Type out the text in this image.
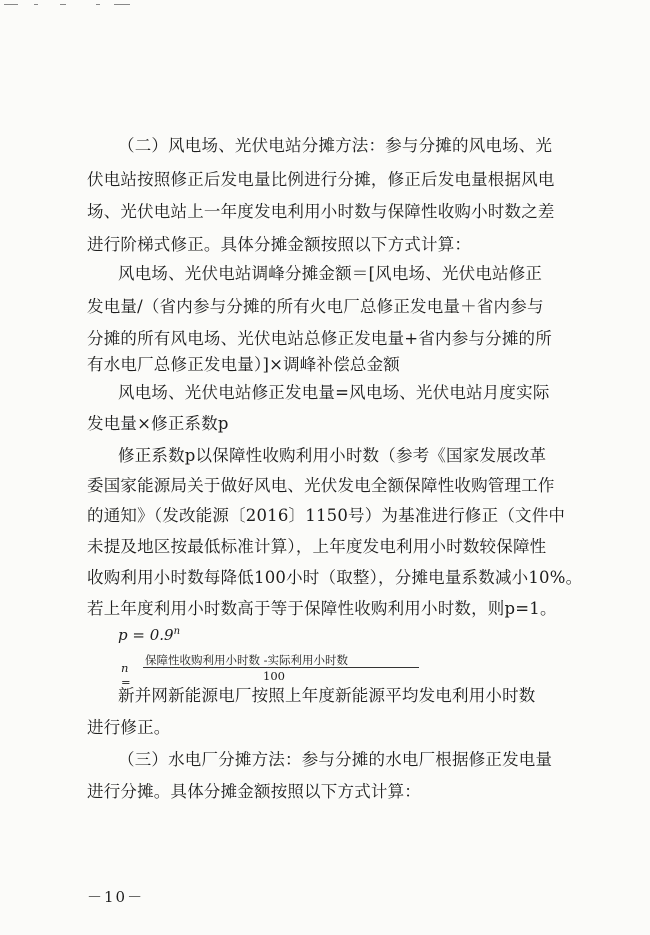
（二）风电场、光伏电站分摊方法：参与分摊的风电场、光
伏电站按照修正后发电量比例进行分摊，修正后发电量根据风电
场、光伏电站上一年度发电利用小时数与保障性收购小时数之差
进行阶梯式修正。具体分摊金额按照以下方式计算：
风电场、光伏电站调峰分摊金额＝[风电场、光伏电站修正
发电量/（省内参与分摊的所有火电厂总修正发电量＋省内参与
分摊的所有风电场、光伏电站总修正发电量+省内参与分摊的所
有水电厂总修正发电量）]×调峰补偿总金额
风电场、光伏电站修正发电量=风电场、光伏电站月度实际
发电量×修正系数p
修正系数p以保障性收购利用小时数（参考《国家发展改革
委国家能源局关于做好风电、光伏发电全额保障性收购管理工作
的通知》（发改能源〔2016〕1150号）为基准进行修正（文件中
未提及地区按最低标准计算），上年度发电利用小时数较保障性
收购利用小时数每降低100小时（取整），分摊电量系数减小10%。
若上年度利用小时数高于等于保障性收购利用小时数，则p=1。
$p = 0.9^n$
n =
保障性收购利用小时数 -实际利用小时数
100
新并网新能源电厂按照上年度新能源平均发电利用小时数
进行修正。
（三）水电厂分摊方法：参与分摊的水电厂根据修正发电量
进行分摊。具体分摊金额按照以下方式计算：
－10－
